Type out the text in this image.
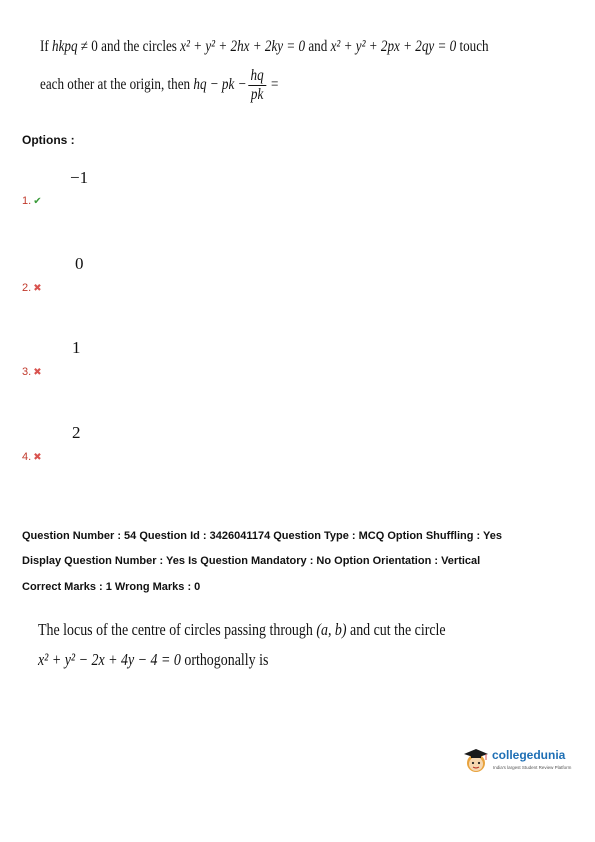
If hkpq ≠ 0 and the circles x² + y² + 2hx + 2ky = 0 and x² + y² + 2px + 2qy = 0 touch
each other at the origin, then hq − pk − $\frac{hq}{pk}$ =
Options :
−1
1. ✔
0
2. ✖
1
3. ✖
2
4. ✖
Question Number : 54 Question Id : 3426041174 Question Type : MCQ Option Shuffling : Yes
Display Question Number : Yes Is Question Mandatory : No Option Orientation : Vertical
Correct Marks : 1 Wrong Marks : 0
The locus of the centre of circles passing through (a, b) and cut the circle
x² + y² − 2x + 4y − 4 = 0 orthogonally is
collegedunia
India's largest Student Review Platform
